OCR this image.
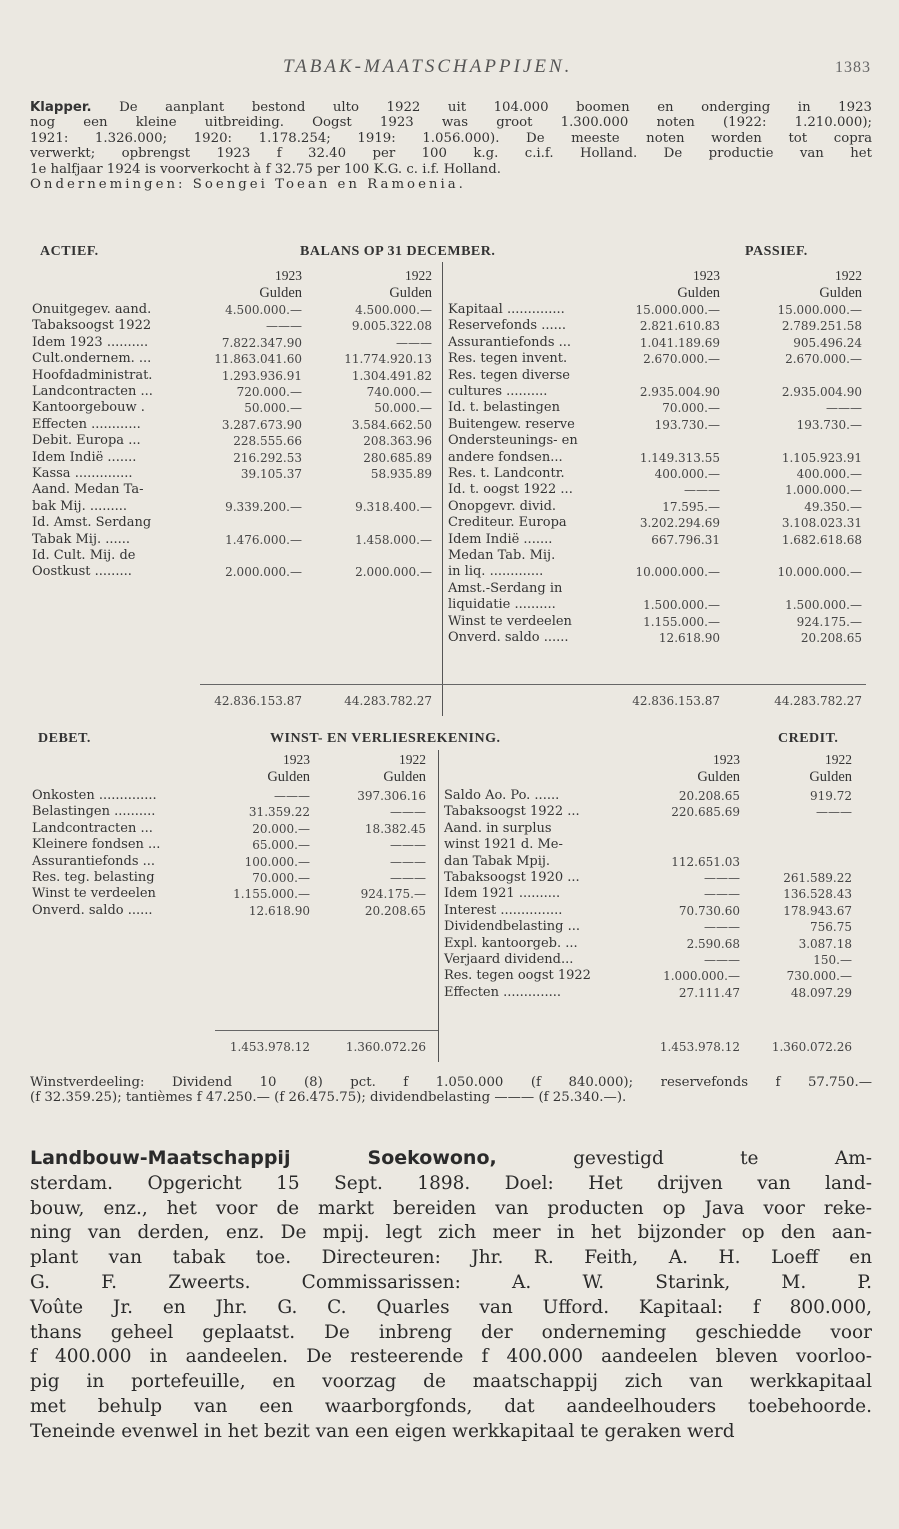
TABAK-MAATSCHAPPIJEN.	1383
Klapper. De aanplant bestond ulto 1922 uit 104.000 boomen en onderging in 1923
nog een kleine uitbreiding. Oogst 1923 was groot 1.300.000 noten (1922: 1.210.000);
1921: 1.326.000; 1920: 1.178.254; 1919: 1.056.000). De meeste noten worden tot copra
verwerkt; opbrengst 1923 f 32.40 per 100 k.g. c.i.f. Holland. De productie van het
1e halfjaar 1924 is voorverkocht à f 32.75 per 100 K.G. c. i.f. Holland.
Ondernemingen: Soengei Toean en Ramoenia.
ACTIEF.	BALANS OP 31 DECEMBER.	PASSIEF.
1923
Gulden
1922
Gulden
1923
Gulden
1922
Gulden
Onuitgegev. aand.	4.500.000.—	4.500.000.—
Tabaksoogst 1922	———	9.005.322.08
Idem 1923 ..........	7.822.347.90	———
Cult.ondernem. ...	11.863.041.60	11.774.920.13
Hoofdadministrat.	1.293.936.91	1.304.491.82
Landcontracten ...	720.000.—	740.000.—
Kantoorgebouw .	50.000.—	50.000.—
Effecten ............	3.287.673.90	3.584.662.50
Debit. Europa ...	228.555.66	208.363.96
Idem Indië .......	216.292.53	280.685.89
Kassa ..............	39.105.37	58.935.89
Aand. Medan Ta-
bak Mij. .........	9.339.200.—	9.318.400.—
Id. Amst. Serdang
Tabak Mij. ......	1.476.000.—	1.458.000.—
Id. Cult. Mij. de
Oostkust .........	2.000.000.—	2.000.000.—
Kapitaal ..............	15.000.000.—	15.000.000.—
Reservefonds ......	2.821.610.83	2.789.251.58
Assurantiefonds ...	1.041.189.69	905.496.24
Res. tegen invent.	2.670.000.—	2.670.000.—
Res. tegen diverse
cultures ..........	2.935.004.90	2.935.004.90
Id. t. belastingen	70.000.—	———
Buitengew. reserve	193.730.—	193.730.—
Ondersteunings- en
andere fondsen...	1.149.313.55	1.105.923.91
Res. t. Landcontr.	400.000.—	400.000.—
Id. t. oogst 1922 ...	———	1.000.000.—
Onopgevr. divid.	17.595.—	49.350.—
Crediteur. Europa	3.202.294.69	3.108.023.31
Idem Indië .......	667.796.31	1.682.618.68
Medan Tab. Mij.
in liq. .............	10.000.000.—	10.000.000.—
Amst.-Serdang in
liquidatie ..........	1.500.000.—	1.500.000.—
Winst te verdeelen	1.155.000.—	924.175.—
Onverd. saldo ......	12.618.90	20.208.65
42.836.153.87	44.283.782.27	42.836.153.87	44.283.782.27
DEBET.	WINST- EN VERLIESREKENING.	CREDIT.
1923
Gulden
1922
Gulden
1923
Gulden
1922
Gulden
Onkosten ..............	———	397.306.16
Belastingen ..........	31.359.22	———
Landcontracten ...	20.000.—	18.382.45
Kleinere fondsen ...	65.000.—	———
Assurantiefonds ...	100.000.—	———
Res. teg. belasting	70.000.—	———
Winst te verdeelen	1.155.000.—	924.175.—
Onverd. saldo ......	12.618.90	20.208.65
Saldo Ao. Po. ......	20.208.65	919.72
Tabaksoogst 1922 ...	220.685.69	———
Aand. in surplus
winst 1921 d. Me-
dan Tabak Mpij.	112.651.03
Tabaksoogst 1920 ...	———	261.589.22
Idem 1921 ..........	———	136.528.43
Interest ...............	70.730.60	178.943.67
Dividendbelasting ...	———	756.75
Expl. kantoorgeb. ...	2.590.68	3.087.18
Verjaard dividend...	———	150.—
Res. tegen oogst 1922	1.000.000.—	730.000.—
Effecten ..............	27.111.47	48.097.29
1.453.978.12	1.360.072.26	1.453.978.12	1.360.072.26
Winstverdeeling: Dividend 10 (8) pct. f 1.050.000 (f 840.000); reservefonds f 57.750.—
(f 32.359.25); tantièmes f 47.250.— (f 26.475.75); dividendbelasting ——— (f 25.340.—).
Landbouw-Maatschappij Soekowono, gevestigd te Am-
sterdam. Opgericht 15 Sept. 1898. Doel: Het drijven van land-
bouw, enz., het voor de markt bereiden van producten op Java voor reke-
ning van derden, enz. De mpij. legt zich meer in het bijzonder op den aan-
plant van tabak toe. Directeuren: Jhr. R. Feith, A. H. Loeff en
G. F. Zweerts. Commissarissen: A. W. Starink, M. P.
Voûte Jr. en Jhr. G. C. Quarles van Ufford. Kapitaal: f 800.000,
thans geheel geplaatst. De inbreng der onderneming geschiedde voor
f 400.000 in aandeelen. De resteerende f 400.000 aandeelen bleven voorloo-
pig in portefeuille, en voorzag de maatschappij zich van werkkapitaal
met behulp van een waarborgfonds, dat aandeelhouders toebehoorde.
Teneinde evenwel in het bezit van een eigen werkkapitaal te geraken werd
